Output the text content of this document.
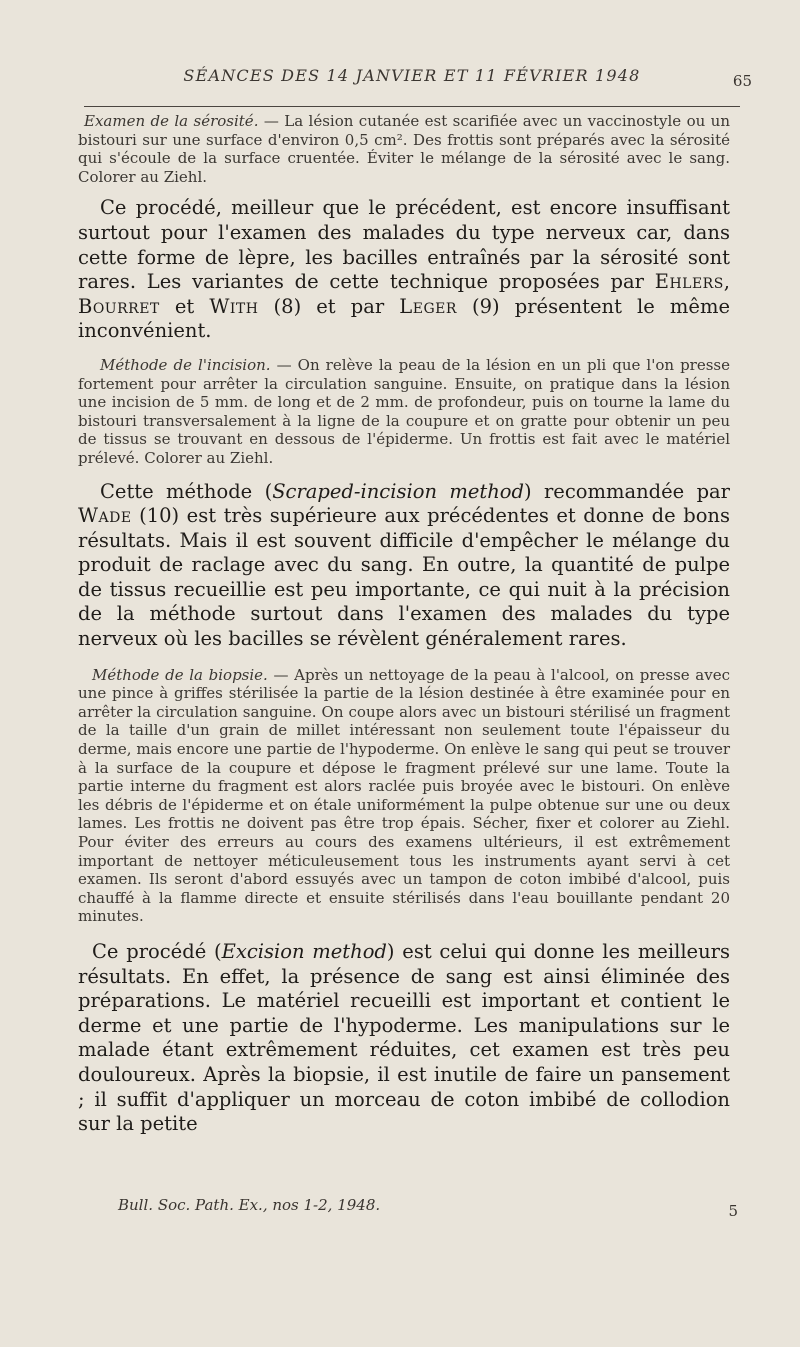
SÉANCES DES 14 JANVIER ET 11 FÉVRIER 1948	65

Examen de la sérosité. — La lésion cutanée est scarifiée avec un vaccinostyle ou un bistouri sur une surface d'environ 0,5 cm². Des frottis sont préparés avec la sérosité qui s'écoule de la surface cruentée. Éviter le mélange de la sérosité avec le sang. Colorer au Ziehl.

Ce procédé, meilleur que le précédent, est encore insuffisant surtout pour l'examen des malades du type nerveux car, dans cette forme de lèpre, les bacilles entraînés par la sérosité sont rares. Les variantes de cette technique proposées par Ehlers, Bourret et With (8) et par Leger (9) présentent le même inconvénient.

Méthode de l'incision. — On relève la peau de la lésion en un pli que l'on presse fortement pour arrêter la circulation sanguine. Ensuite, on pratique dans la lésion une incision de 5 mm. de long et de 2 mm. de profondeur, puis on tourne la lame du bistouri transversalement à la ligne de la coupure et on gratte pour obtenir un peu de tissus se trouvant en dessous de l'épiderme. Un frottis est fait avec le matériel prélevé. Colorer au Ziehl.

Cette méthode (Scraped-incision method) recommandée par Wade (10) est très supérieure aux précédentes et donne de bons résultats. Mais il est souvent difficile d'empêcher le mélange du produit de raclage avec du sang. En outre, la quantité de pulpe de tissus recueillie est peu importante, ce qui nuit à la précision de la méthode surtout dans l'examen des malades du type nerveux où les bacilles se révèlent généralement rares.

Méthode de la biopsie. — Après un nettoyage de la peau à l'alcool, on presse avec une pince à griffes stérilisée la partie de la lésion destinée à être examinée pour en arrêter la circulation sanguine. On coupe alors avec un bistouri stérilisé un fragment de la taille d'un grain de millet intéressant non seulement toute l'épaisseur du derme, mais encore une partie de l'hypoderme. On enlève le sang qui peut se trouver à la surface de la coupure et dépose le fragment prélevé sur une lame. Toute la partie interne du fragment est alors raclée puis broyée avec le bistouri. On enlève les débris de l'épiderme et on étale uniformément la pulpe obtenue sur une ou deux lames. Les frottis ne doivent pas être trop épais. Sécher, fixer et colorer au Ziehl. Pour éviter des erreurs au cours des examens ultérieurs, il est extrêmement important de nettoyer méticuleusement tous les instruments ayant servi à cet examen. Ils seront d'abord essuyés avec un tampon de coton imbibé d'alcool, puis chauffé à la flamme directe et ensuite stérilisés dans l'eau bouillante pendant 20 minutes.

Ce procédé (Excision method) est celui qui donne les meilleurs résultats. En effet, la présence de sang est ainsi éliminée des préparations. Le matériel recueilli est important et contient le derme et une partie de l'hypoderme. Les manipulations sur le malade étant extrêmement réduites, cet examen est très peu douloureux. Après la biopsie, il est inutile de faire un pansement ; il suffit d'appliquer un morceau de coton imbibé de collodion sur la petite

Bull. Soc. Path. Ex., nos 1-2, 1948.	5
